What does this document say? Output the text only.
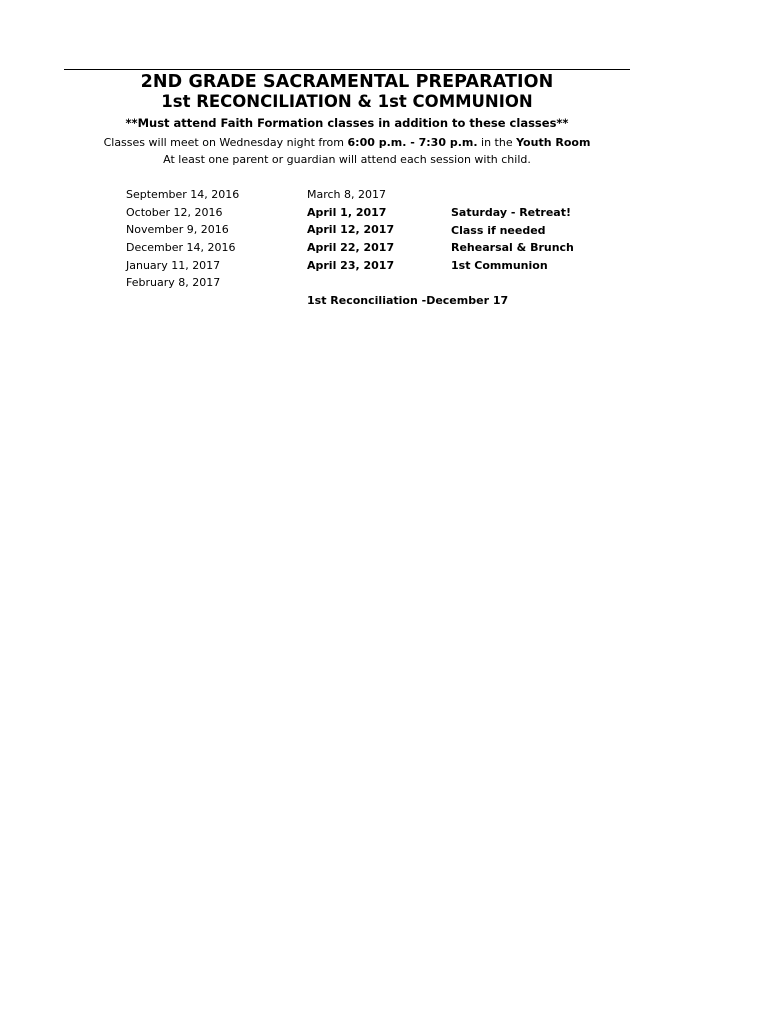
2ND GRADE SACRAMENTAL PREPARATION
1st RECONCILIATION & 1st COMMUNION
**Must attend Faith Formation classes in addition to these classes**
Classes will meet on Wednesday night from 6:00 p.m. - 7:30 p.m. in the Youth Room
At least one parent or guardian will attend each session with child.
September 14, 2016
October 12, 2016
November 9, 2016
December 14, 2016
January 11, 2017
February 8, 2017
March 8, 2017
April 1, 2017
April 12, 2017
April 22, 2017
April 23, 2017
Saturday - Retreat!
Class if needed
Rehearsal & Brunch
1st Communion
1st Reconciliation -December 17
